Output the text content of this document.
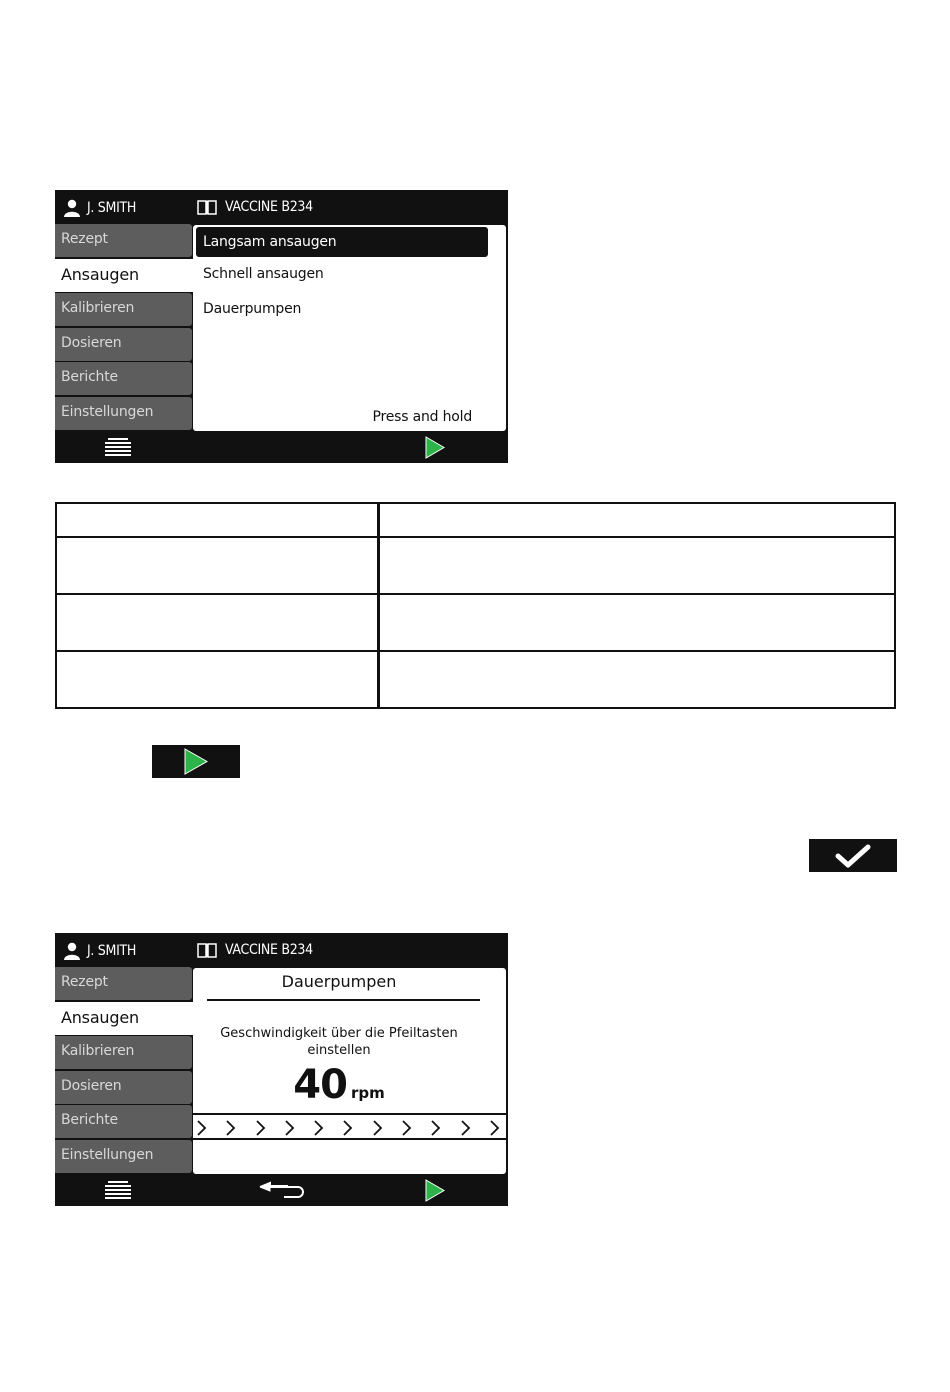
J. SMITH	VACCINE B234
Rezept
Ansaugen
Kalibrieren
Dosieren
Berichte
Einstellungen
Langsam ansaugen
Schnell ansaugen
Dauerpumpen
Press and hold

J. SMITH	VACCINE B234
Rezept
Ansaugen
Kalibrieren
Dosieren
Berichte
Einstellungen
Dauerpumpen
Geschwindigkeit über die Pfeiltasten einstellen
40 rpm
